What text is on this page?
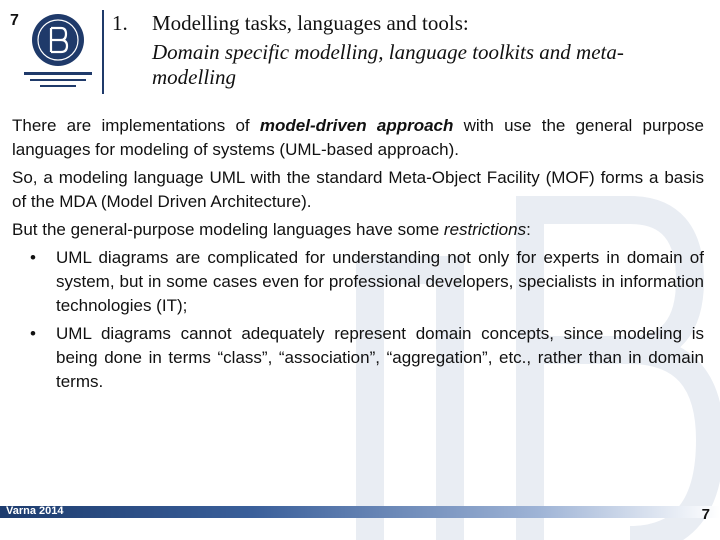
7	1. Modelling tasks, languages and tools:
Domain specific modelling, language toolkits and meta-modelling

There are implementations of model-driven approach with use the general purpose languages for modeling of systems (UML-based approach).

So, a modeling language UML with the standard Meta-Object Facility (MOF) forms a basis of the MDA (Model Driven Architecture).

But the general-purpose modeling languages have some restrictions:

• UML diagrams are complicated for understanding not only for experts in domain of system, but in some cases even for professional developers, specialists in information technologies (IT);
• UML diagrams cannot adequately represent domain concepts, since modeling is being done in terms “class”, “association”, “aggregation”, etc., rather than in domain terms.
Varna 2014	7
